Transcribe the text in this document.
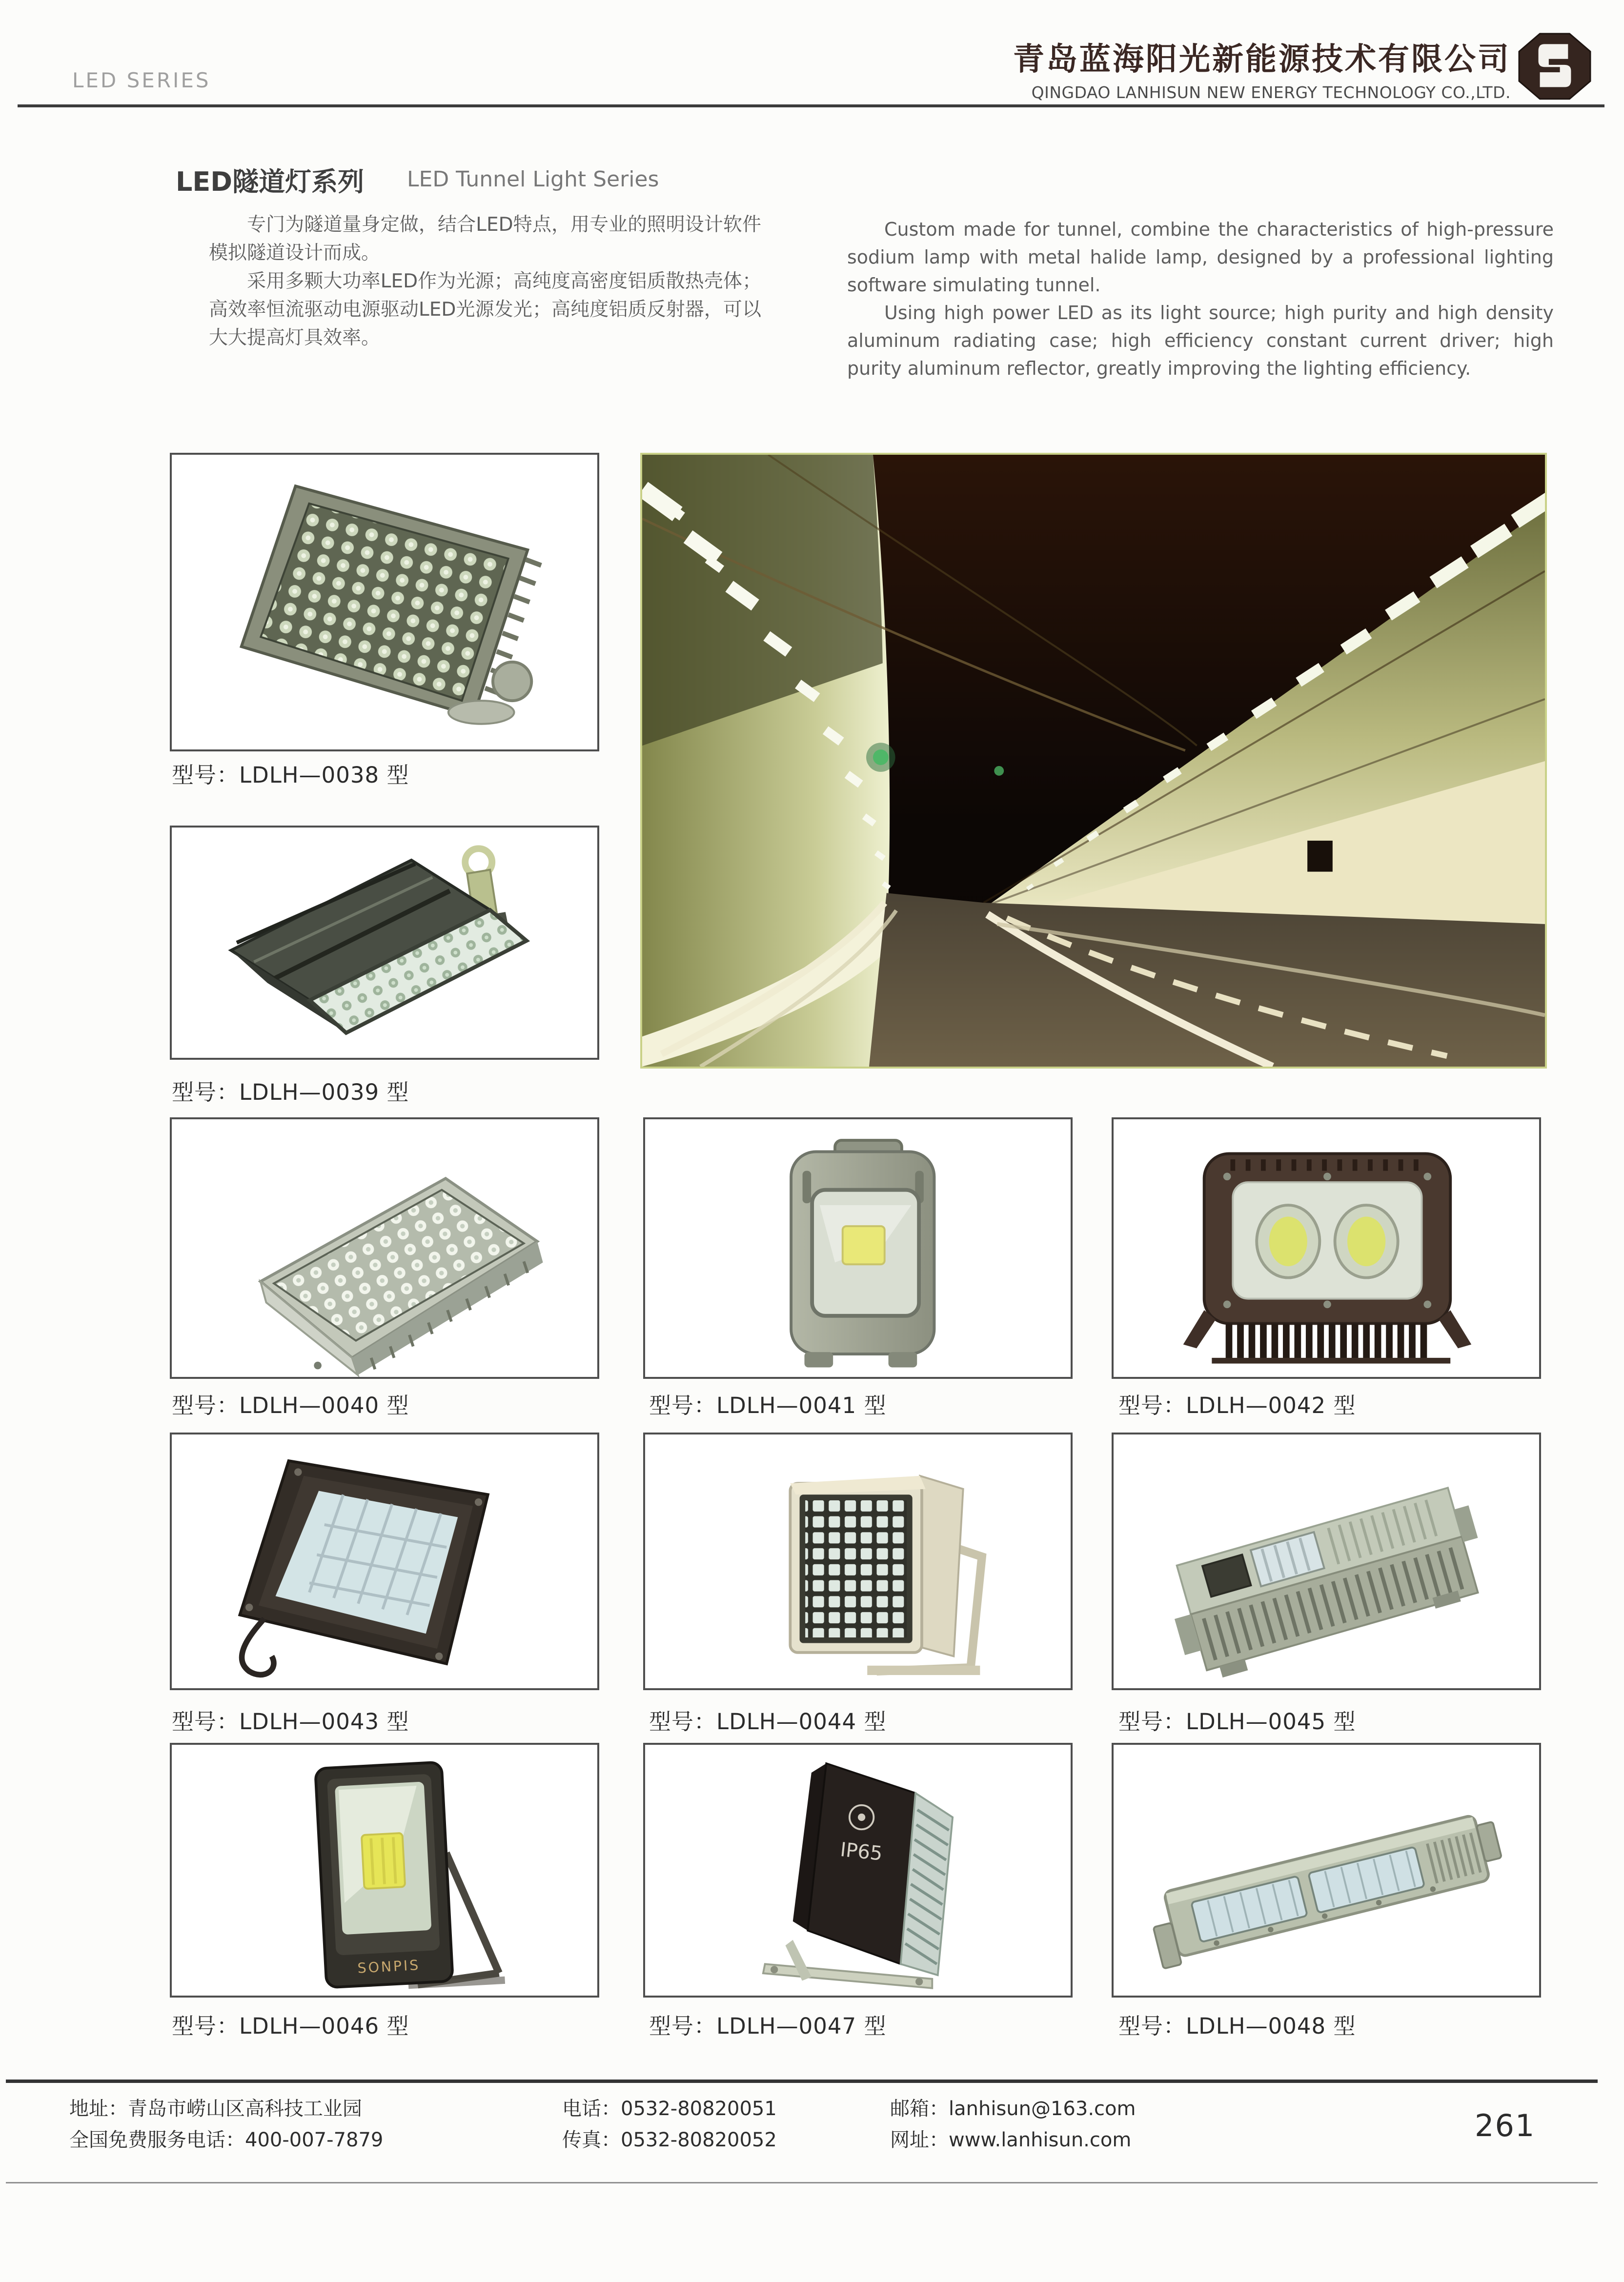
LED SERIES
青岛蓝海阳光新能源技术有限公司
QINGDAO LANHISUN NEW ENERGY TECHNOLOGY CO.,LTD.
LED隧道灯系列 LED Tunnel Light Series

专门为隧道量身定做，结合LED特点，用专业的照明设计软件模拟隧道设计而成。

采用多颗大功率LED作为光源；高纯度高密度铝质散热壳体；高效率恒流驱动电源驱动LED光源发光；高纯度铝质反射器，可以大大提高灯具效率。

Custom made for tunnel, combine the characteristics of high-pressure sodium lamp with metal halide lamp, designed by a professional lighting software simulating tunnel.

Using high power LED as its light source; high purity and high density aluminum radiating case; high efficiency constant current driver; high purity aluminum reflector, greatly improving the lighting efficiency.

型号：LDLH—0038 型
型号：LDLH—0039 型
型号：LDLH—0040 型	型号：LDLH—0041 型	型号：LDLH—0042 型
型号：LDLH—0043 型	型号：LDLH—0044 型	型号：LDLH—0045 型
SONPIS
IP65
型号：LDLH—0046 型	型号：LDLH—0047 型	型号：LDLH—0048 型
地址：青岛市崂山区高科技工业园
全国免费服务电话：400-007-7879
电话：0532-80820051
传真：0532-80820052
邮箱：lanhisun@163.com
网址：www.lanhisun.com	261
